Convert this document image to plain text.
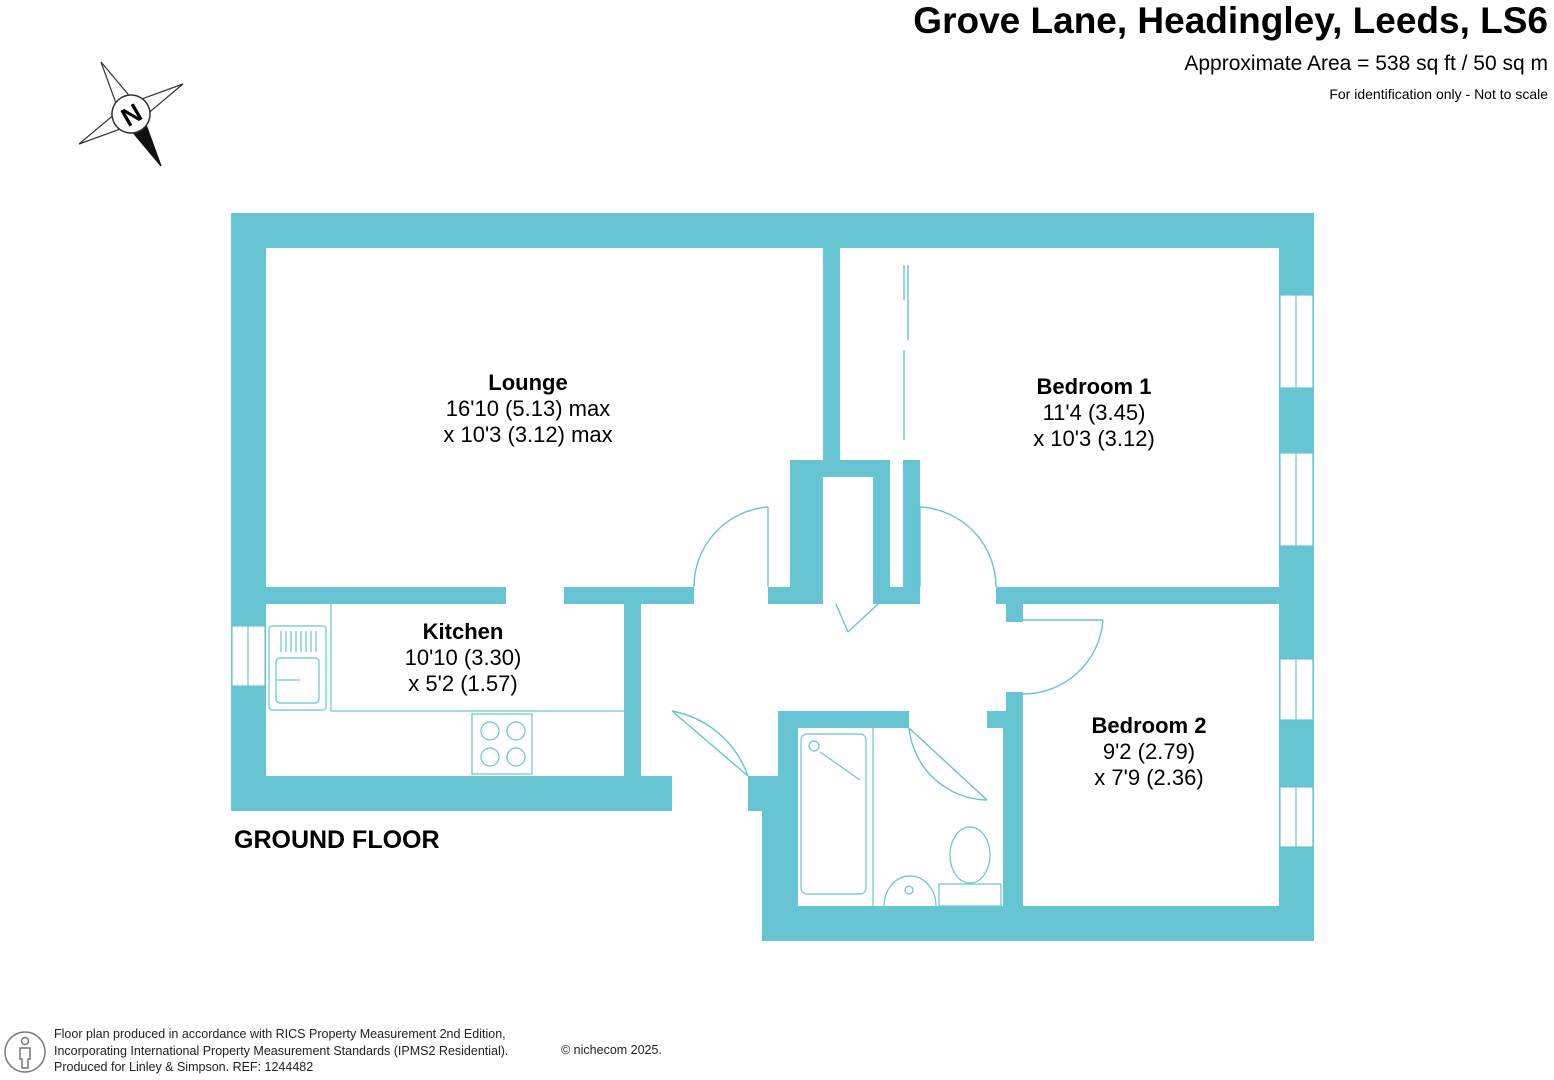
Grove Lane, Headingley, Leeds, LS6
Approximate Area = 538 sq ft / 50 sq m
For identification only - Not to scale
N
Lounge
16'10 (5.13) max
x 10'3 (3.12) max
Bedroom 1
11'4 (3.45)
x 10'3 (3.12)
Kitchen
10'10 (3.30)
x 5'2 (1.57)
Bedroom 2
9'2 (2.79)
x 7'9 (2.36)
GROUND FLOOR
Floor plan produced in accordance with RICS Property Measurement 2nd Edition,
Incorporating International Property Measurement Standards (IPMS2 Residential).
Produced for Linley & Simpson. REF: 1244482
© nichecom 2025.
